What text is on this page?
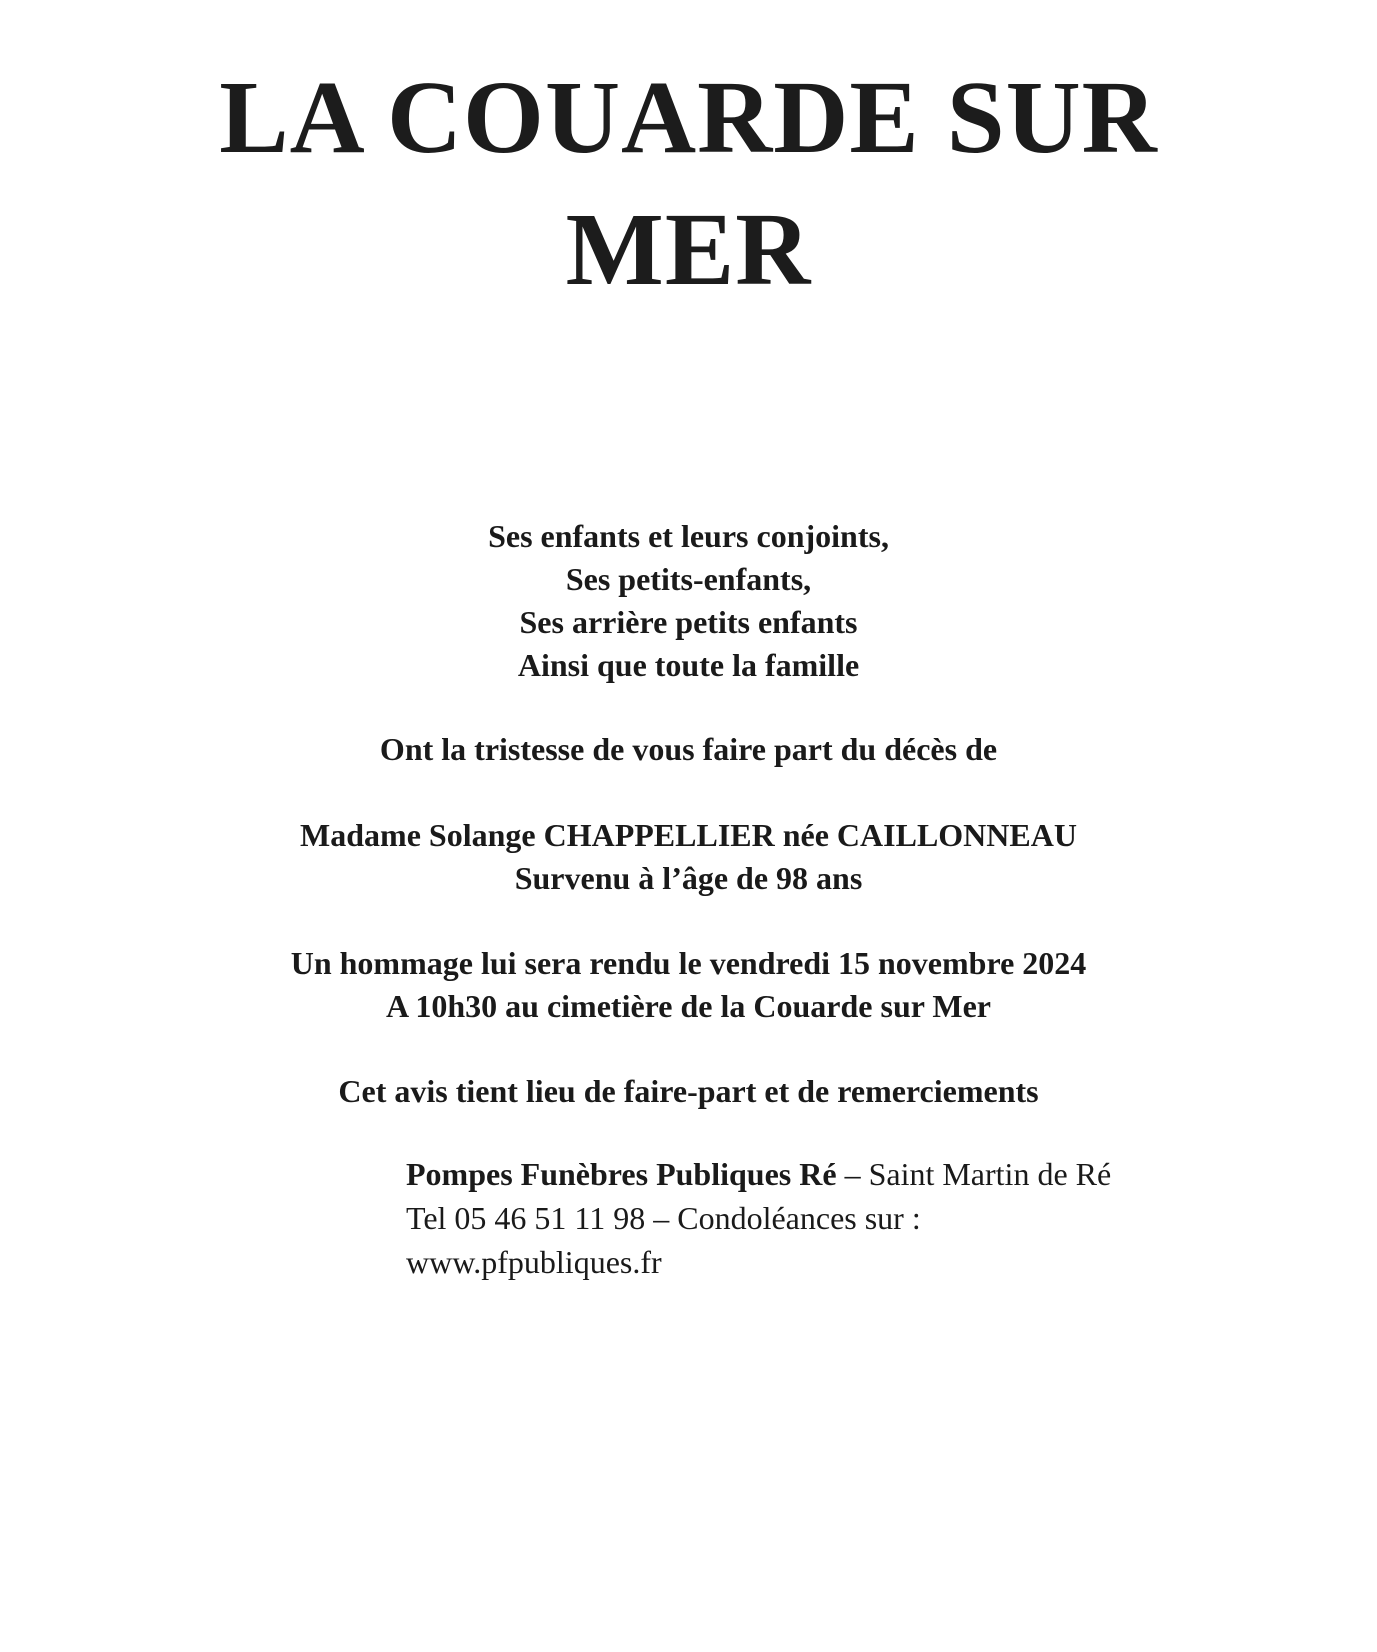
LA COUARDE SUR
MER
Ses enfants et leurs conjoints,
Ses petits-enfants,
Ses arrière petits enfants
Ainsi que toute la famille
Ont la tristesse de vous faire part du décès de
Madame Solange CHAPPELLIER née CAILLONNEAU
Survenu à l’âge de 98 ans
Un hommage lui sera rendu le vendredi 15 novembre 2024
A 10h30 au cimetière de la Couarde sur Mer
Cet avis tient lieu de faire-part et de remerciements
Pompes Funèbres Publiques Ré – Saint Martin de Ré
Tel 05 46 51 11 98 – Condoléances sur :
www.pfpubliques.fr
